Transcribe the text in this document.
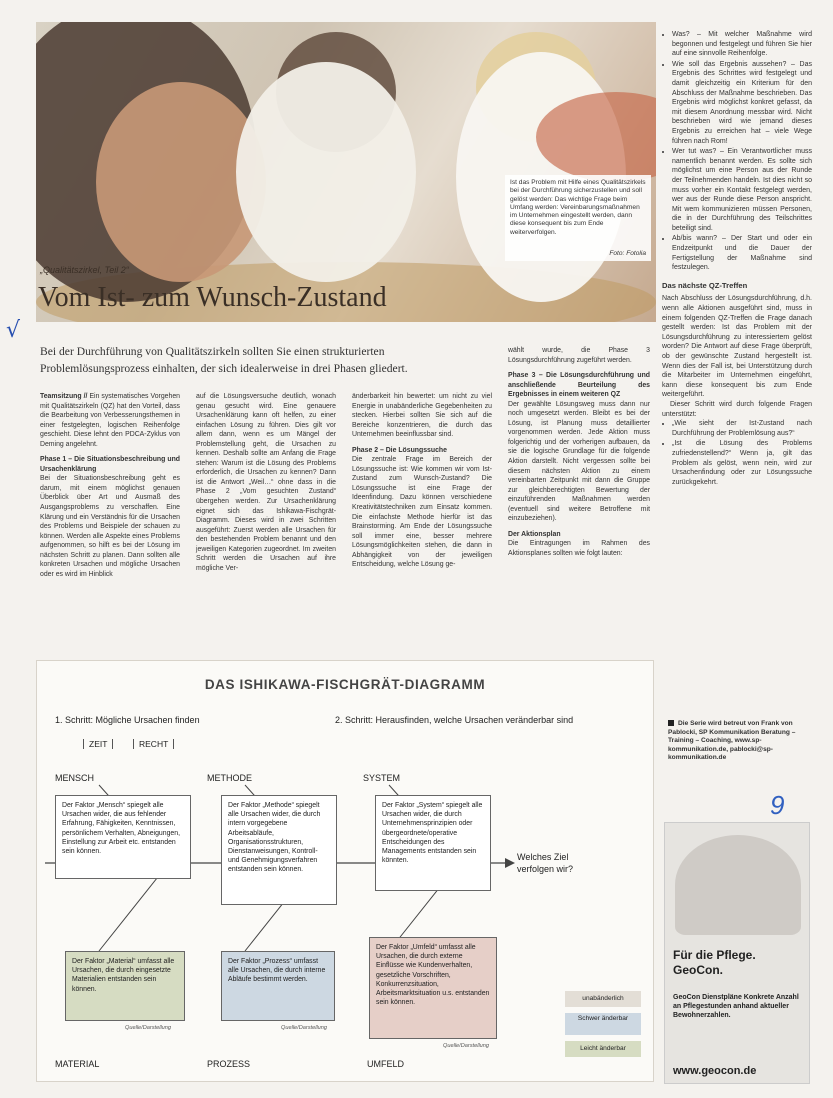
Ist das Problem mit Hilfe eines Qualitätszirkels bei der Durchführung sicherzustellen und soll gelöst werden: Das wichtige Frage beim Umfang werden: Vereinbarungsmaßnahmen im Unternehmen eingestellt werden, dann diese konsequent bis zum Ende weiterverfolgen.
Foto: Fotolia
„Qualitätszirkel, Teil 2“
Vom Ist- zum Wunsch-Zustand
√
Bei der Durchführung von Qualitätszirkeln sollten Sie einen strukturierten Problemlösungsprozess einhalten, der sich idealerweise in drei Phasen gliedert.

Teamsitzung // Ein systematisches Vorgehen mit Qualitätszirkeln (QZ) hat den Vorteil, dass die Bearbeitung von Verbesserungsthemen in einer festgelegten, logischen Reihenfolge geschieht. Diese lehnt den PDCA-Zyklus von Deming angelehnt.

Phase 1 – Die Situationsbeschreibung und Ursachenklärung

Bei der Situationsbeschreibung geht es darum, mit einem möglichst genauen Überblick über Art und Ausmaß des Ausgangsproblems zu verschaffen. Eine Klärung und ein Verständnis für die Ursachen des Problems und Beispiele der schauen zu können. Werden alle Aspekte eines Problems aufgenommen, so hilft es bei der Lösung im nächsten Schritt zu planen. Dann sollten alle konkreten Ursachen und mögliche Ursachen oder es wird im Hinblick

auf die Lösungsversuche deutlich, wonach genau gesucht wird. Eine genauere Ursachenklärung kann oft helfen, zu einer einfachen Lösung zu führen. Dies gilt vor allem dann, wenn es um Mängel der Problemstellung geht, die Ursachen zu kennen. Deshalb sollte am Anfang die Frage stehen: Warum ist die Lösung des Problems erforderlich, die Ursachen zu kennen? Dann ist die Antwort „Weil…“ ohne dass in die Phase 2 „Vom gesuchten Zustand“ übergehen werden. Zur Ursachenklärung eignet sich das Ishikawa-Fischgrät-Diagramm. Dieses wird in zwei Schritten ausgeführt: Zuerst werden alle Ursachen für den bestehenden Problem benannt und den jeweiligen Kategorien zugeordnet. Im zweiten Schritt werden die Ursachen auf ihre mögliche Ver-

änderbarkeit hin bewertet: um nicht zu viel Energie in unabänderliche Gegebenheiten zu stecken. Hierbei sollten Sie sich auf die Bereiche konzentrieren, die durch das Unternehmen beeinflussbar sind.

Phase 2 – Die Lösungssuche

Die zentrale Frage im Bereich der Lösungssuche ist: Wie kommen wir vom Ist-Zustand zum Wunsch-Zustand? Die Lösungssuche ist eine Frage der Ideenfindung. Dazu können verschiedene Kreativitätstechniken zum Einsatz kommen. Die einfachste Methode hierfür ist das Brainstorming. Am Ende der Lösungssuche soll immer eine, besser mehrere Lösungsmöglichkeiten stehen, die dann in Abhängigkeit von der jeweiligen Entscheidung, welche Lösung ge-

wählt wurde, die Phase 3 Lösungsdurchführung zugeführt werden.

Phase 3 – Die Lösungsdurchführung und anschließende Beurteilung des Ergebnisses in einem weiteren QZ

Der gewählte Lösungsweg muss dann nur noch umgesetzt werden. Bleibt es bei der Lösung, ist Planung muss detaillierter vorgenommen werden. Jede Aktion muss folgerichtig und der vorherigen aufbauen, da sie die logische Grundlage für die folgende Aktion darstellt. Nicht vergessen sollte bei diesem nächsten Aktion zu einem vereinbarten Zeitpunkt mit dann die Gruppe zur gleichberechtigten Bewertung der einzuführenden Maßnahmen werden (eventuell sind weitere Betroffene mit einzubeziehen).

Der Aktionsplan

Die Eintragungen im Rahmen des Aktionsplanes sollten wie folgt lauten:

• Was? – Mit welcher Maßnahme wird begonnen und festgelegt und führen Sie hier auf eine sinnvolle Reihenfolge.
• Wie soll das Ergebnis aussehen? – Das Ergebnis des Schrittes wird festgelegt und damit gleichzeitig ein Kriterium für den Abschluss der Maßnahme beschrieben. Das Ergebnis wird möglichst konkret gefasst, da mit diesem Anordnung messbar wird. Nicht beschrieben wird wie jemand dieses Ergebnis zu erreichen hat – viele Wege führen nach Rom!
• Wer tut was? – Ein Verantwortlicher muss namentlich benannt werden. Es sollte sich möglichst um eine Person aus der Runde der Teilnehmenden handeln. Ist dies nicht so muss vorher ein Kontakt festgelegt werden, wer aus der Runde diese Person anspricht. Mit wem kommunizieren müssen Personen, die in der Durchführung des Teilschrittes beteiligt sind.
• Ab/bis wann? – Der Start und oder ein Endzeitpunkt und die Dauer der Fertigstellung der Maßnahme sind festzulegen.
Das nächste QZ-Treffen

Nach Abschluss der Lösungsdurchführung, d.h. wenn alle Aktionen ausgeführt sind, muss in einem folgenden QZ-Treffen die Frage danach gestellt werden: Ist das Problem mit der Lösungsdurchführung zu interessiertem gelöst worden? Die Antwort auf diese Frage überprüft, ob der gewünschte Zustand hergestellt ist. Wenn dies der Fall ist, bei Unterstützung durch die Mitarbeiter im Unternehmen eingeführt, kann diese konsequent bis zum Ende weitergeführt.

Dieser Schritt wird durch folgende Fragen unterstützt:

• „Wie sieht der Ist-Zustand nach Durchführung der Problemlösung aus?“
• „Ist die Lösung des Problems zufriedenstellend?“ Wenn ja, gilt das Problem als gelöst, wenn nein, wird zur Ursachenfindung oder zur Lösungssuche zurückgekehrt.
Die Serie wird betreut von Frank von Pablocki, SP Kommunikation Beratung – Training – Coaching, www.sp-kommunikation.de, pablocki@sp-kommunikation.de
9
Für die Pflege.
GeoCon.
GeoCon Dienstpläne Konkrete Anzahl an Pflegestunden anhand aktueller Bewohnerzahlen.
www.geocon.de
DAS ISHIKAWA-FISCHGRÄT-DIAGRAMM
1. Schritt: Mögliche Ursachen finden	2. Schritt: Herausfinden, welche Ursachen veränderbar sind
ZEIT	RECHT
MENSCH	METHODE	SYSTEM
MATERIAL	PROZESS	UMFELD
Der Faktor „Mensch“ spiegelt alle Ursachen wider, die aus fehlender Erfahrung, Fähigkeiten, Kenntnissen, persönlichem Verhalten, Abneigungen, Einstellung zur Arbeit etc. entstanden sein können.
Der Faktor „Methode“ spiegelt alle Ursachen wider, die durch intern vorgegebene Arbeitsabläufe, Organisationsstrukturen, Dienstanweisungen, Kontroll- und Genehmigungsverfahren entstanden sein können.
Der Faktor „System“ spiegelt alle Ursachen wider, die durch Unternehmensprinzipien oder übergeordnete/operative Entscheidungen des Managements entstanden sein könnten.
Der Faktor „Material“ umfasst alle Ursachen, die durch eingesetzte Materialien entstanden sein können.
Der Faktor „Prozess“ umfasst alle Ursachen, die durch interne Abläufe bestimmt werden.
Der Faktor „Umfeld“ umfasst alle Ursachen, die durch externe Einflüsse wie Kundenverhalten, gesetzliche Vorschriften, Konkurrenzsituation, Arbeitsmarktsituation u.s. entstanden sein können.
Quelle/Darstellung	Quelle/Darstellung
Quelle/Darstellung
Welches Ziel
verfolgen wir?
unabänderlich
Schwer änderbar
Leicht änderbar
